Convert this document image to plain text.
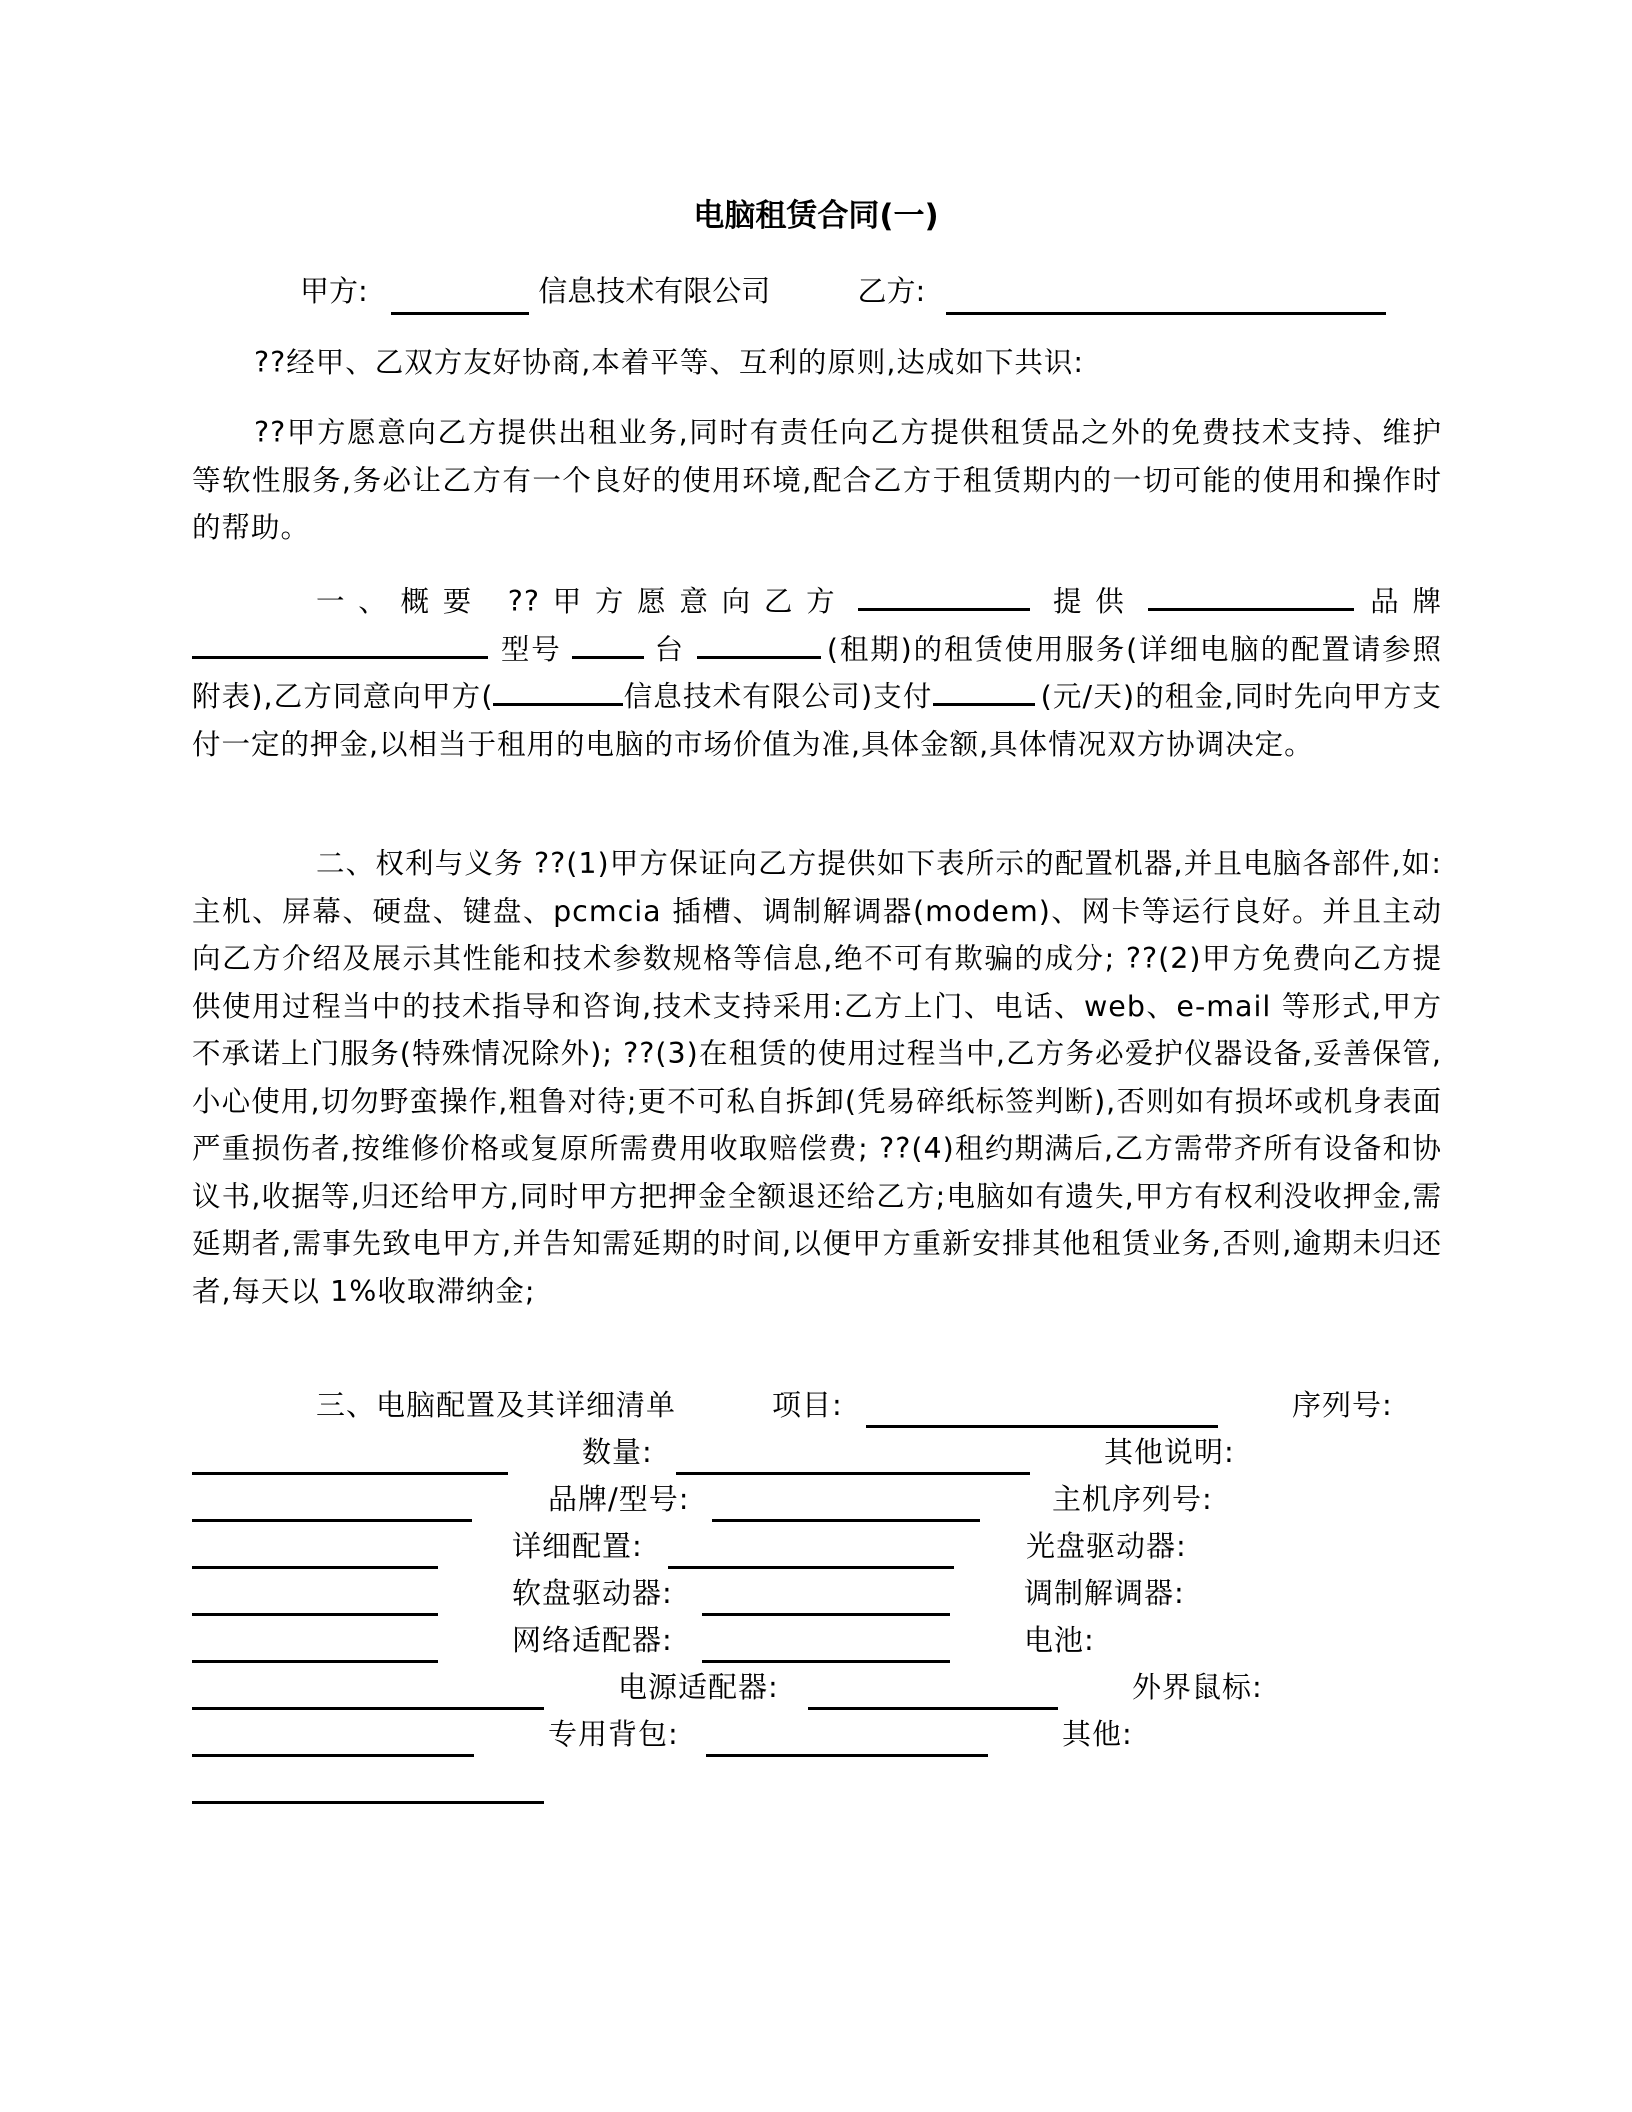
电脑租赁合同(一)
甲方:	信息技术有限公司	乙方:

??经甲、乙双方友好协商,本着平等、互利的原则,达成如下共识:

??甲方愿意向乙方提供出租业务,同时有责任向乙方提供租赁品之外的免费技术支持、维护等软性服务,务必让乙方有一个良好的使用环境,配合乙方于租赁期内的一切可能的使用和操作时的帮助。

一、概要 ??甲方愿意向乙方	提供	品牌型号	台	(租期)的租赁使用服务(详细电脑的配置请参照附表),乙方同意向甲方(	信息技术有限公司)支付	(元/天)的租金,同时先向甲方支付一定的押金,以相当于租用的电脑的市场价值为准,具体金额,具体情况双方协调决定。

二、权利与义务 ??(1)甲方保证向乙方提供如下表所示的配置机器,并且电脑各部件,如:主机、屏幕、硬盘、键盘、pcmcia 插槽、调制解调器(modem)、网卡等运行良好。并且主动向乙方介绍及展示其性能和技术参数规格等信息,绝不可有欺骗的成分; ??(2)甲方免费向乙方提供使用过程当中的技术指导和咨询,技术支持采用:乙方上门、电话、web、e-mail 等形式,甲方不承诺上门服务(特殊情况除外); ??(3)在租赁的使用过程当中,乙方务必爱护仪器设备,妥善保管,小心使用,切勿野蛮操作,粗鲁对待;更不可私自拆卸(凭易碎纸标签判断),否则如有损坏或机身表面严重损伤者,按维修价格或复原所需费用收取赔偿费; ??(4)租约期满后,乙方需带齐所有设备和协议书,收据等,归还给甲方,同时甲方把押金全额退还给乙方;电脑如有遗失,甲方有权利没收押金,需延期者,需事先致电甲方,并告知需延期的时间,以便甲方重新安排其他租赁业务,否则,逾期未归还者,每天以 1%收取滞纳金;

三、电脑配置及其详细清单	项目:	序列号:
数量:	其他说明:
品牌/型号:	主机序列号:
详细配置:	光盘驱动器:
软盘驱动器:	调制解调器:
网络适配器:	电池:
电源适配器:	外界鼠标:
专用背包:	其他:
